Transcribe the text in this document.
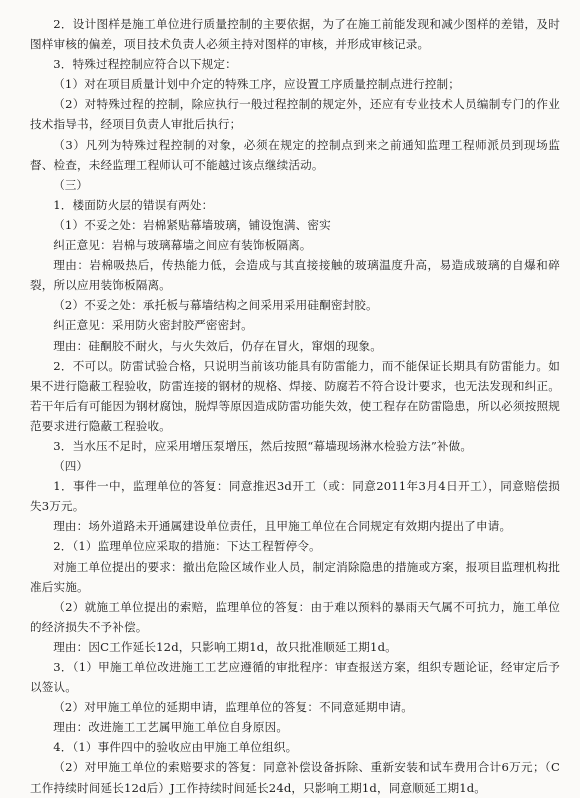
2．设计图样是施工单位进行质量控制的主要依据，为了在施工前能发现和减少图样的差错，及时图样审核的偏差，项目技术负责人必须主持对图样的审核，并形成审核记录。

3．特殊过程控制应符合以下规定：

（1）对在项目质量计划中介定的特殊工序，应设置工序质量控制点进行控制；

（2）对特殊过程的控制，除应执行一般过程控制的规定外，还应有专业技术人员编制专门的作业技术指导书，经项目负责人审批后执行；

（3）凡列为特殊过程控制的对象，必须在规定的控制点到来之前通知监理工程师派员到现场监督、检查，未经监理工程师认可不能越过该点继续活动。

（三）

1．楼面防火层的错误有两处：

（1）不妥之处：岩棉紧贴幕墙玻璃，铺设饱满、密实

纠正意见：岩棉与玻璃幕墙之间应有装饰板隔离。

理由：岩棉吸热后，传热能力低，会造成与其直接接触的玻璃温度升高，易造成玻璃的自爆和碎裂，所以应用装饰板隔离。

（2）不妥之处：承托板与幕墙结构之间采用采用硅酮密封胶。

纠正意见：采用防火密封胶严密密封。

理由：硅酮胶不耐火，与火失效后，仍存在冒火，窜烟的现象。

2．不可以。防雷试验合格，只说明当前该功能具有防雷能力，而不能保证长期具有防雷能力。如果不进行隐蔽工程验收，防雷连接的钢材的规格、焊接、防腐若不符合设计要求，也无法发现和纠正。若干年后有可能因为钢材腐蚀，脱焊等原因造成防雷功能失效，使工程存在防雷隐患，所以必须按照规范要求进行隐蔽工程验收。

3．当水压不足时，应采用增压泵增压，然后按照“幕墙现场淋水检验方法”补做。

（四）

1．事件一中，监理单位的答复：同意推迟3d开工（或：同意2011年3月4日开工），同意赔偿损失3万元。

理由：场外道路未开通属建设单位责任，且甲施工单位在合同规定有效期内提出了申请。

2．（1）监理单位应采取的措施：下达工程暂停令。

对施工单位提出的要求：撤出危险区域作业人员，制定消除隐患的措施或方案，报项目监理机构批准后实施。

（2）就施工单位提出的索赔，监理单位的答复：由于难以预料的暴雨天气属不可抗力，施工单位的经济损失不予补偿。

理由：因C工作延长12d，只影响工期1d，故只批准顺延工期1d。

3．（1）甲施工单位改进施工工艺应遵循的审批程序：审查报送方案，组织专题论证，经审定后予以签认。

（2）对甲施工单位的延期申请，监理单位的答复：不同意延期申请。

理由：改进施工工艺属甲施工单位自身原因。

4．（1）事件四中的验收应由甲施工单位组织。

（2）对甲施工单位的索赔要求的答复：同意补偿设备拆除、重新安装和试车费用合计6万元；（C工作持续时间延长12d后）J工作持续时间延长24d，只影响工期1d，同意顺延工期1d。
